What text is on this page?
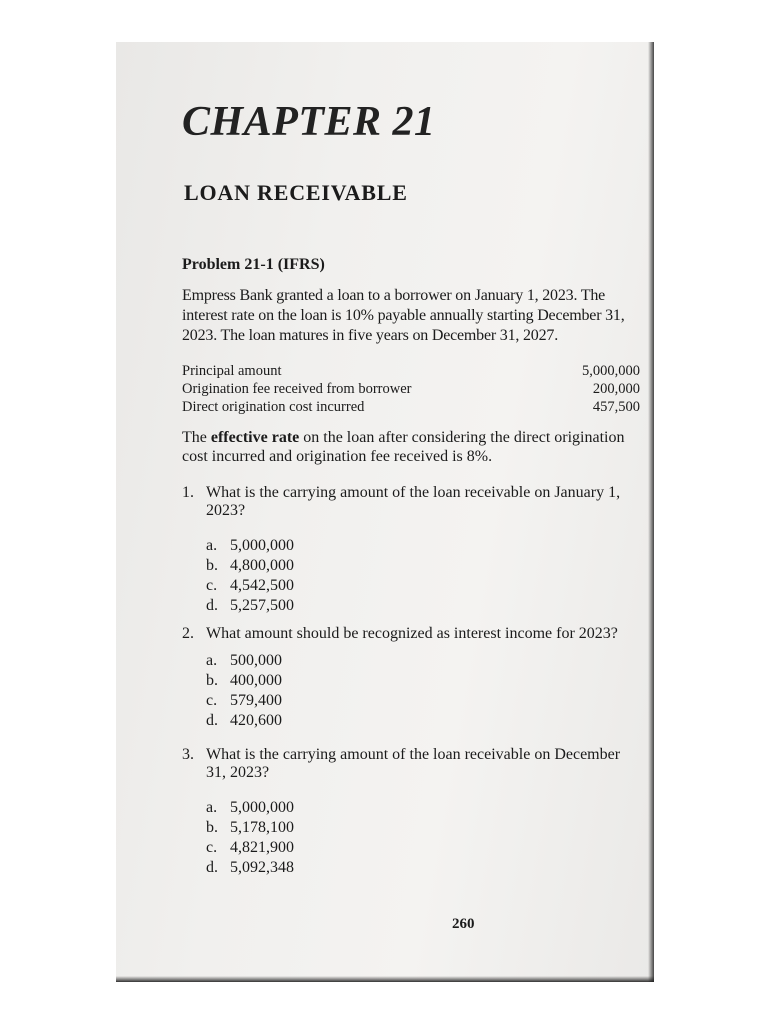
CHAPTER 21
LOAN RECEIVABLE
Problem 21-1 (IFRS)
Empress Bank granted a loan to a borrower on January 1, 2023. The interest rate on the loan is 10% payable annually starting December 31, 2023. The loan matures in five years on December 31, 2027.
Principal amount	5,000,000
Origination fee received from borrower	200,000
Direct origination cost incurred	457,500
The effective rate on the loan after considering the direct origination cost incurred and origination fee received is 8%.
1. What is the carrying amount of the loan receivable on January 1, 2023?
a. 5,000,000
b. 4,800,000
c. 4,542,500
d. 5,257,500
2. What amount should be recognized as interest income for 2023?
a. 500,000
b. 400,000
c. 579,400
d. 420,600
3. What is the carrying amount of the loan receivable on December 31, 2023?
a. 5,000,000
b. 5,178,100
c. 4,821,900
d. 5,092,348
260
